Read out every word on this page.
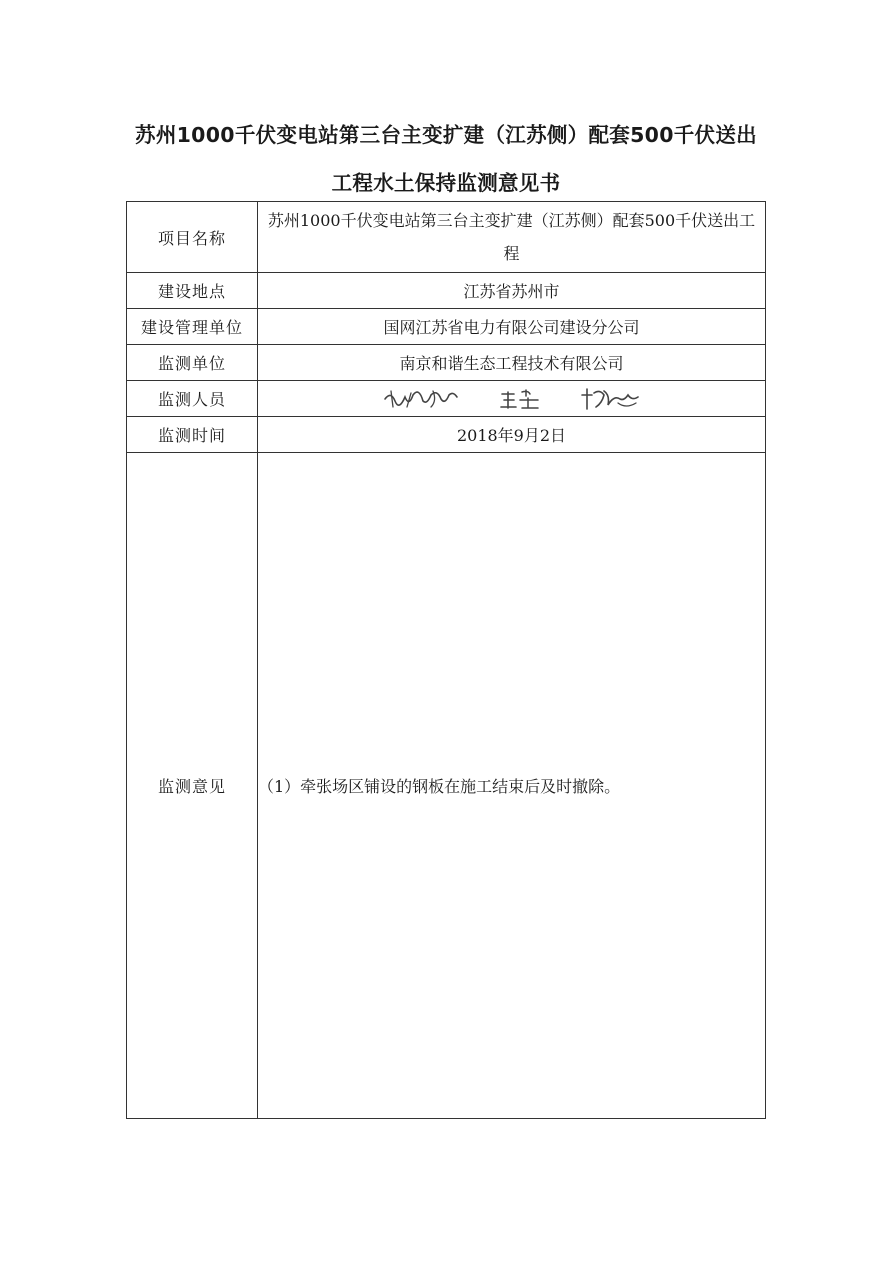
苏州1000千伏变电站第三台主变扩建（江苏侧）配套500千伏送出
工程水土保持监测意见书
项目名称	苏州1000千伏变电站第三台主变扩建（江苏侧）配套500千伏送出工程
建设地点	江苏省苏州市
建设管理单位	国网江苏省电力有限公司建设分公司
监测单位	南京和谐生态工程技术有限公司
监测人员	

监测时间	2018年9月2日
监测意见	（1）牵张场区铺设的钢板在施工结束后及时撤除。
